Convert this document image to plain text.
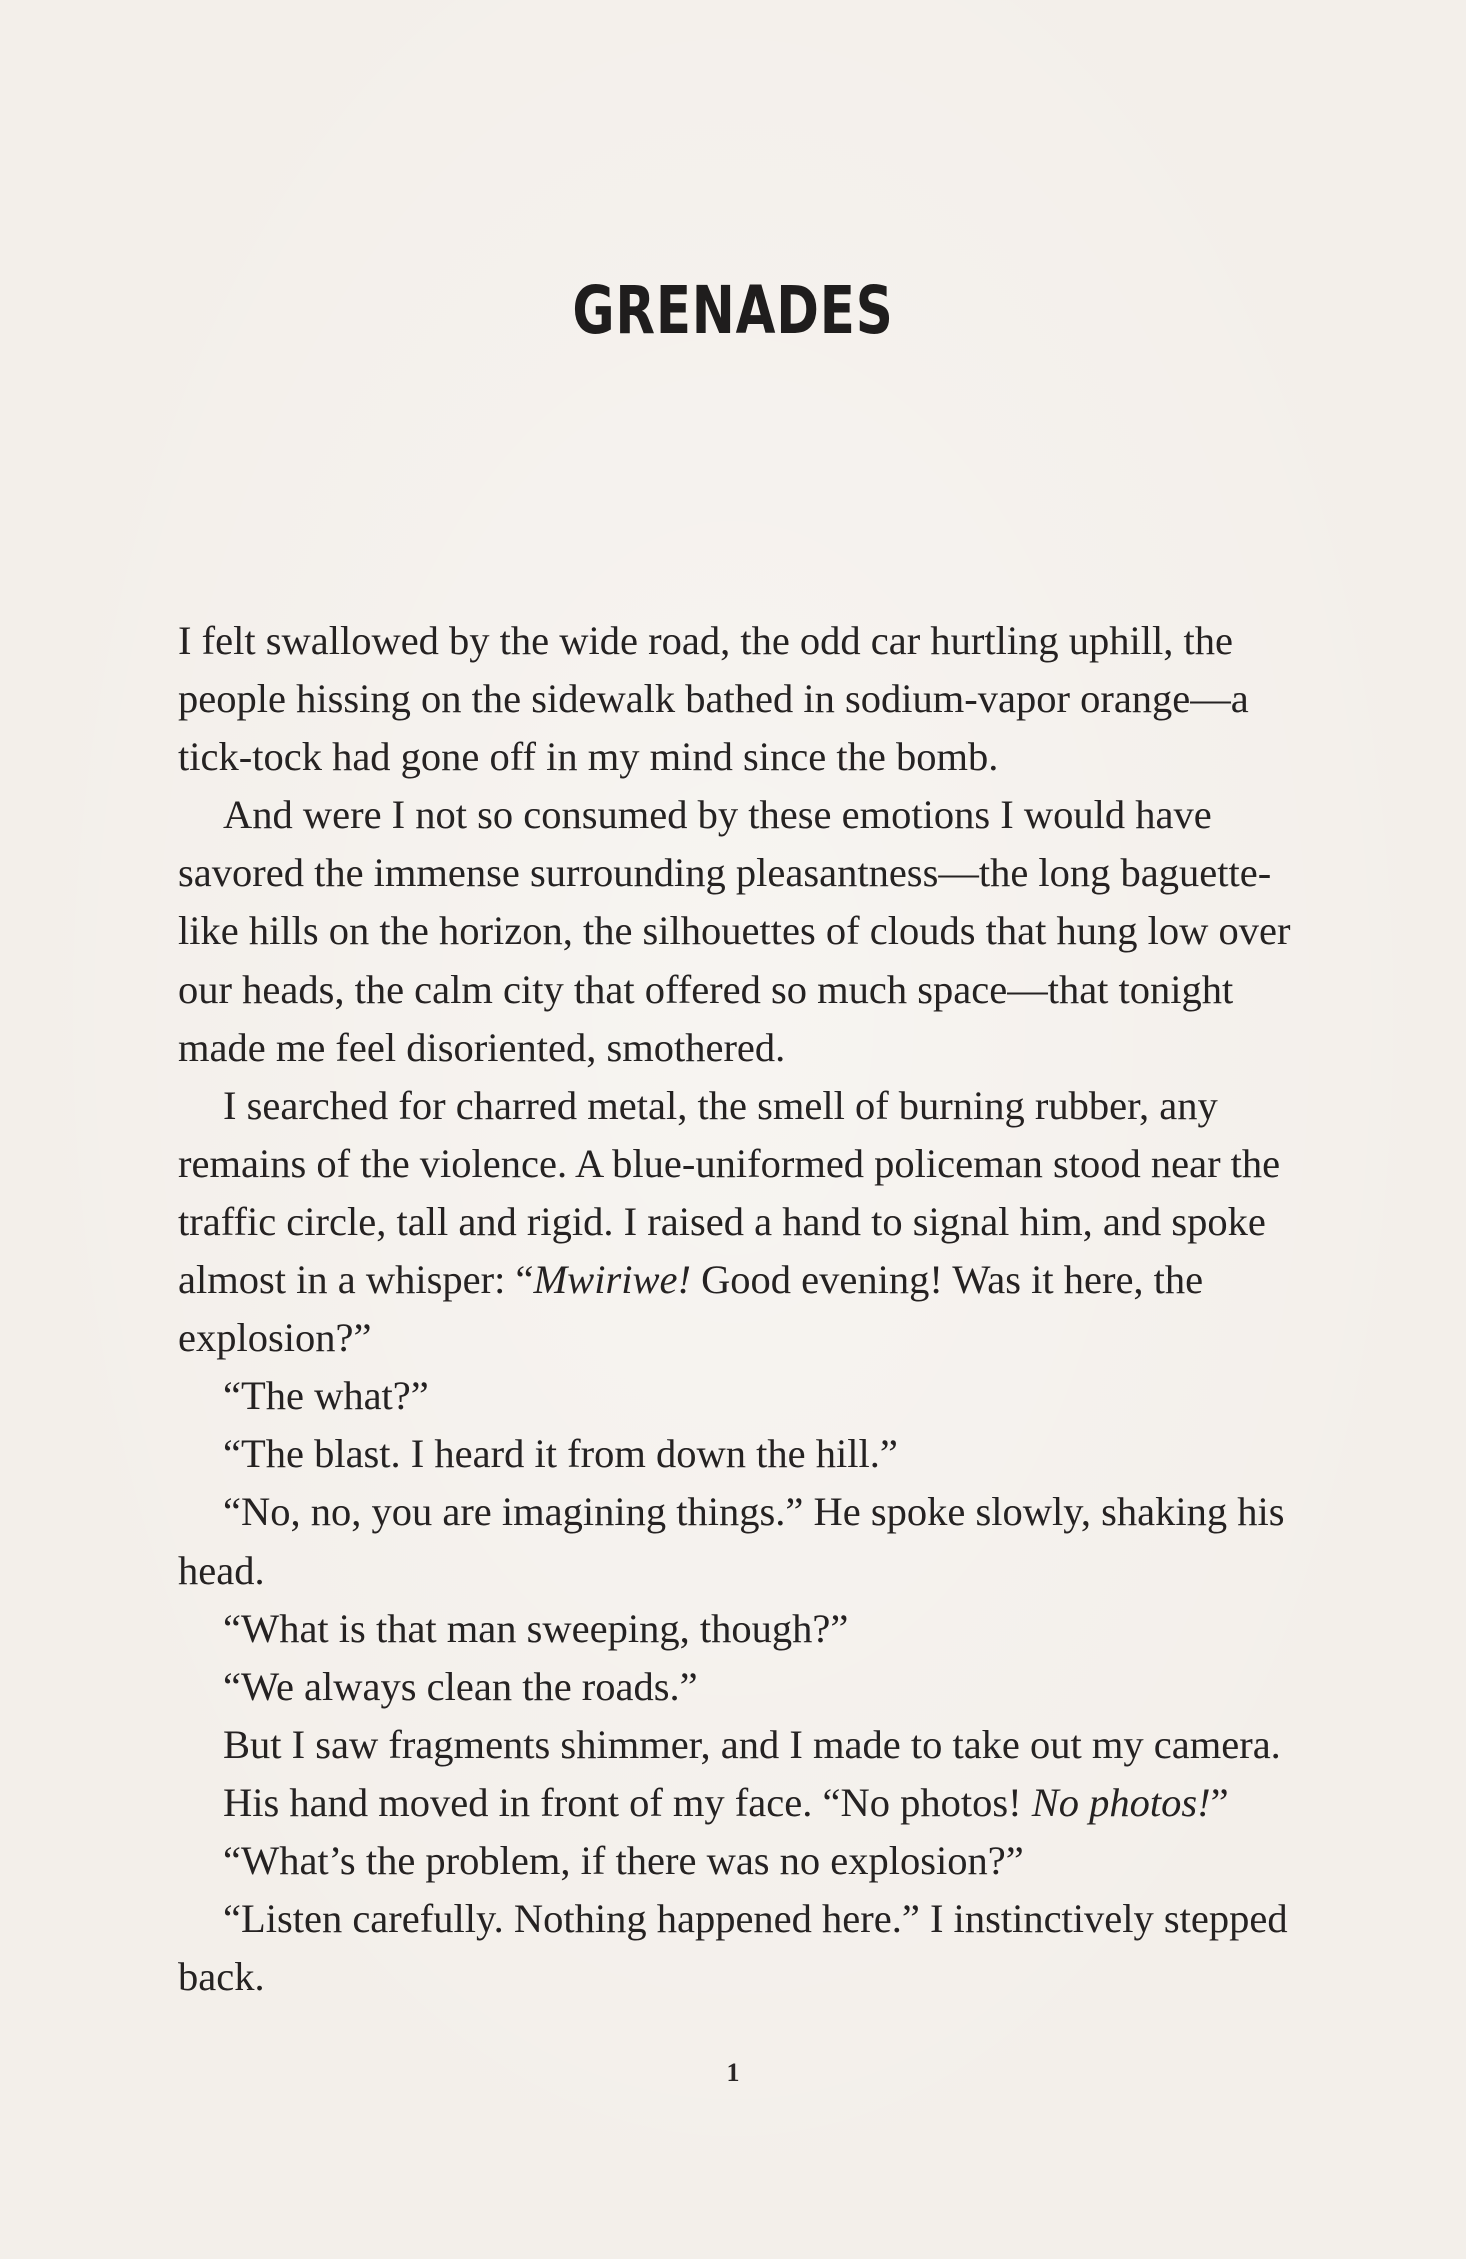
GRENADES

I felt swallowed by the wide road, the odd car hurtling uphill, the people hissing on the sidewalk bathed in sodium-vapor orange—a tick-tock had gone off in my mind since the bomb.

And were I not so consumed by these emotions I would have savored the immense surrounding pleasantness—the long baguette-like hills on the horizon, the silhouettes of clouds that hung low over our heads, the calm city that offered so much space—that tonight made me feel disoriented, smothered.

I searched for charred metal, the smell of burning rubber, any remains of the violence. A blue-uniformed policeman stood near the traffic circle, tall and rigid. I raised a hand to signal him, and spoke almost in a whisper: “Mwiriwe! Good evening! Was it here, the explosion?”

“The what?”

“The blast. I heard it from down the hill.”

“No, no, you are imagining things.” He spoke slowly, shaking his head.

“What is that man sweeping, though?”

“We always clean the roads.”

But I saw fragments shimmer, and I made to take out my camera.

His hand moved in front of my face. “No photos! No photos!”

“What’s the problem, if there was no explosion?”

“Listen carefully. Nothing happened here.” I instinctively stepped back.

1
